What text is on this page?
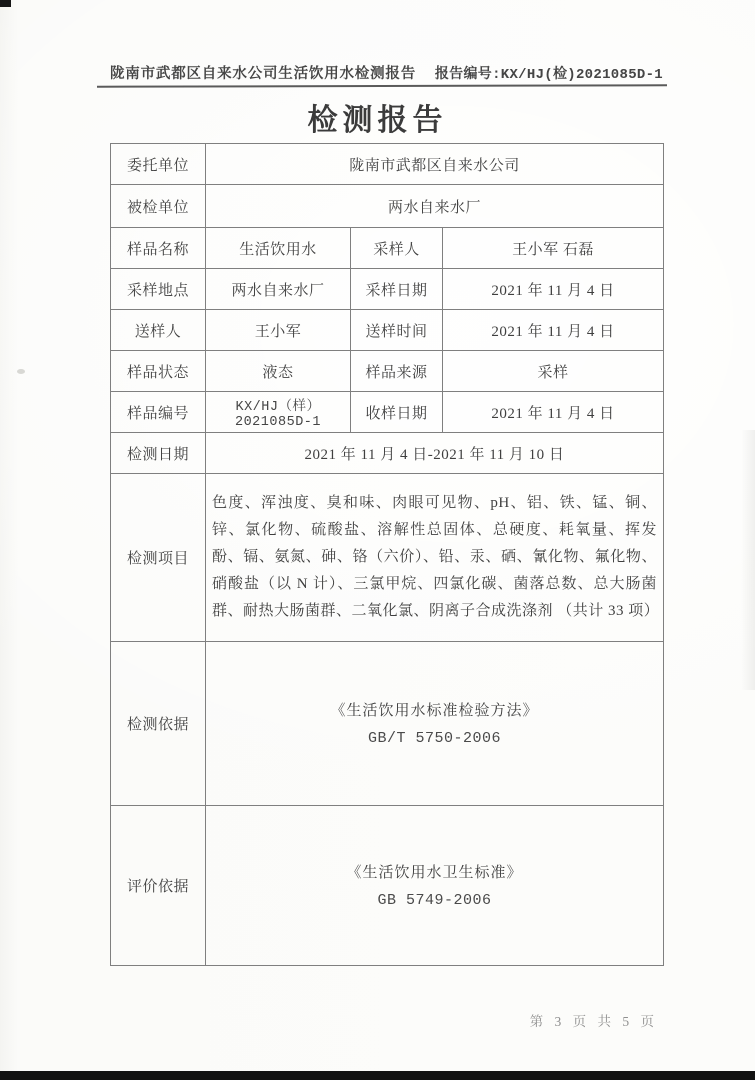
陇南市武都区自来水公司生活饮用水检测报告 报告编号:KX/HJ(检)2021085D-1
检测报告
委托单位	陇南市武都区自来水公司		
被检单位	两水自来水厂		
样品名称	生活饮用水	采样人	王小军 石磊
采样地点	两水自来水厂	采样日期	2021 年 11 月 4 日
送样人	王小军	送样时间	2021 年 11 月 4 日
样品状态	液态	样品来源	采样
样品编号	KX/HJ（样）2021085D-1	收样日期	2021 年 11 月 4 日
检测日期	2021 年 11 月 4 日-2021 年 11 月 10 日		
检测项目	色度、浑浊度、臭和味、肉眼可见物、pH、铝、铁、锰、铜、锌、氯化物、硫酸盐、溶解性总固体、总硬度、耗氧量、挥发酚、镉、氨氮、砷、铬（六价）、铅、汞、硒、氰化物、氟化物、硝酸盐（以 N 计）、三氯甲烷、四氯化碳、菌落总数、总大肠菌群、耐热大肠菌群、二氧化氯、阴离子合成洗涤剂 （共计 33 项）		

检测依据	《生活饮用水标准检验方法》
GB/T 5750-2006		

评价依据	《生活饮用水卫生标准》
GB 5749-2006		
第 3 页 共 5 页
